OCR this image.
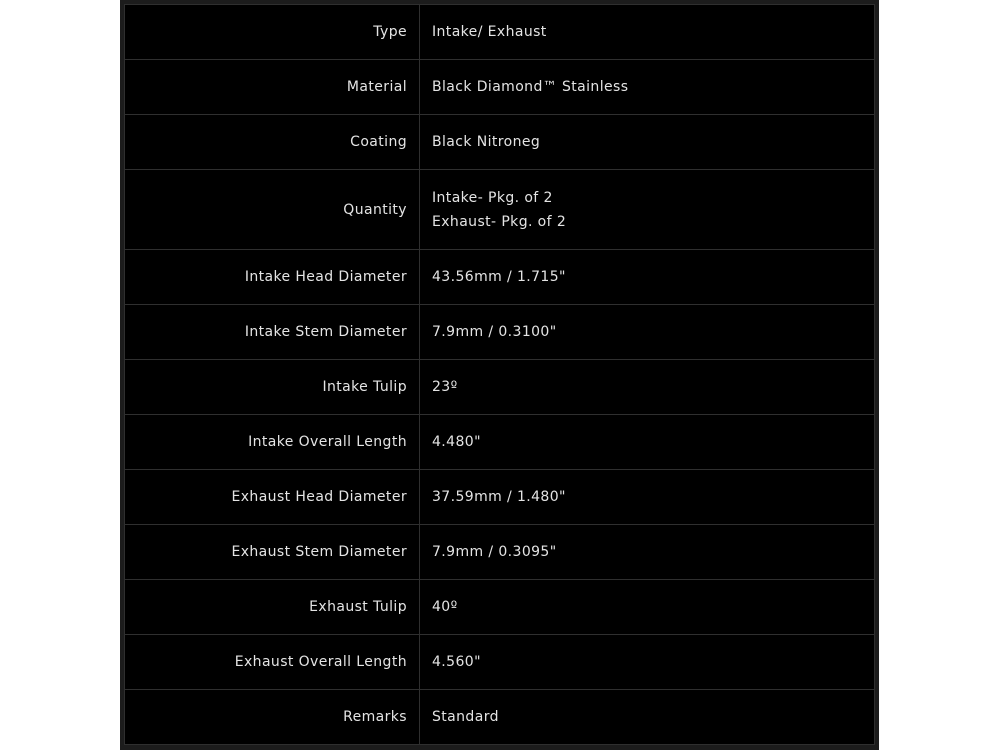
Type	Intake/ Exhaust
Material	Black Diamond™ Stainless
Coating	Black Nitroneg
Quantity	Intake- Pkg. of 2
Exhaust- Pkg. of 2

Intake Head Diameter	43.56mm / 1.715"
Intake Stem Diameter	7.9mm / 0.3100"
Intake Tulip	23º
Intake Overall Length	4.480"
Exhaust Head Diameter	37.59mm / 1.480"
Exhaust Stem Diameter	7.9mm / 0.3095"
Exhaust Tulip	40º
Exhaust Overall Length	4.560"
Remarks	Standard
